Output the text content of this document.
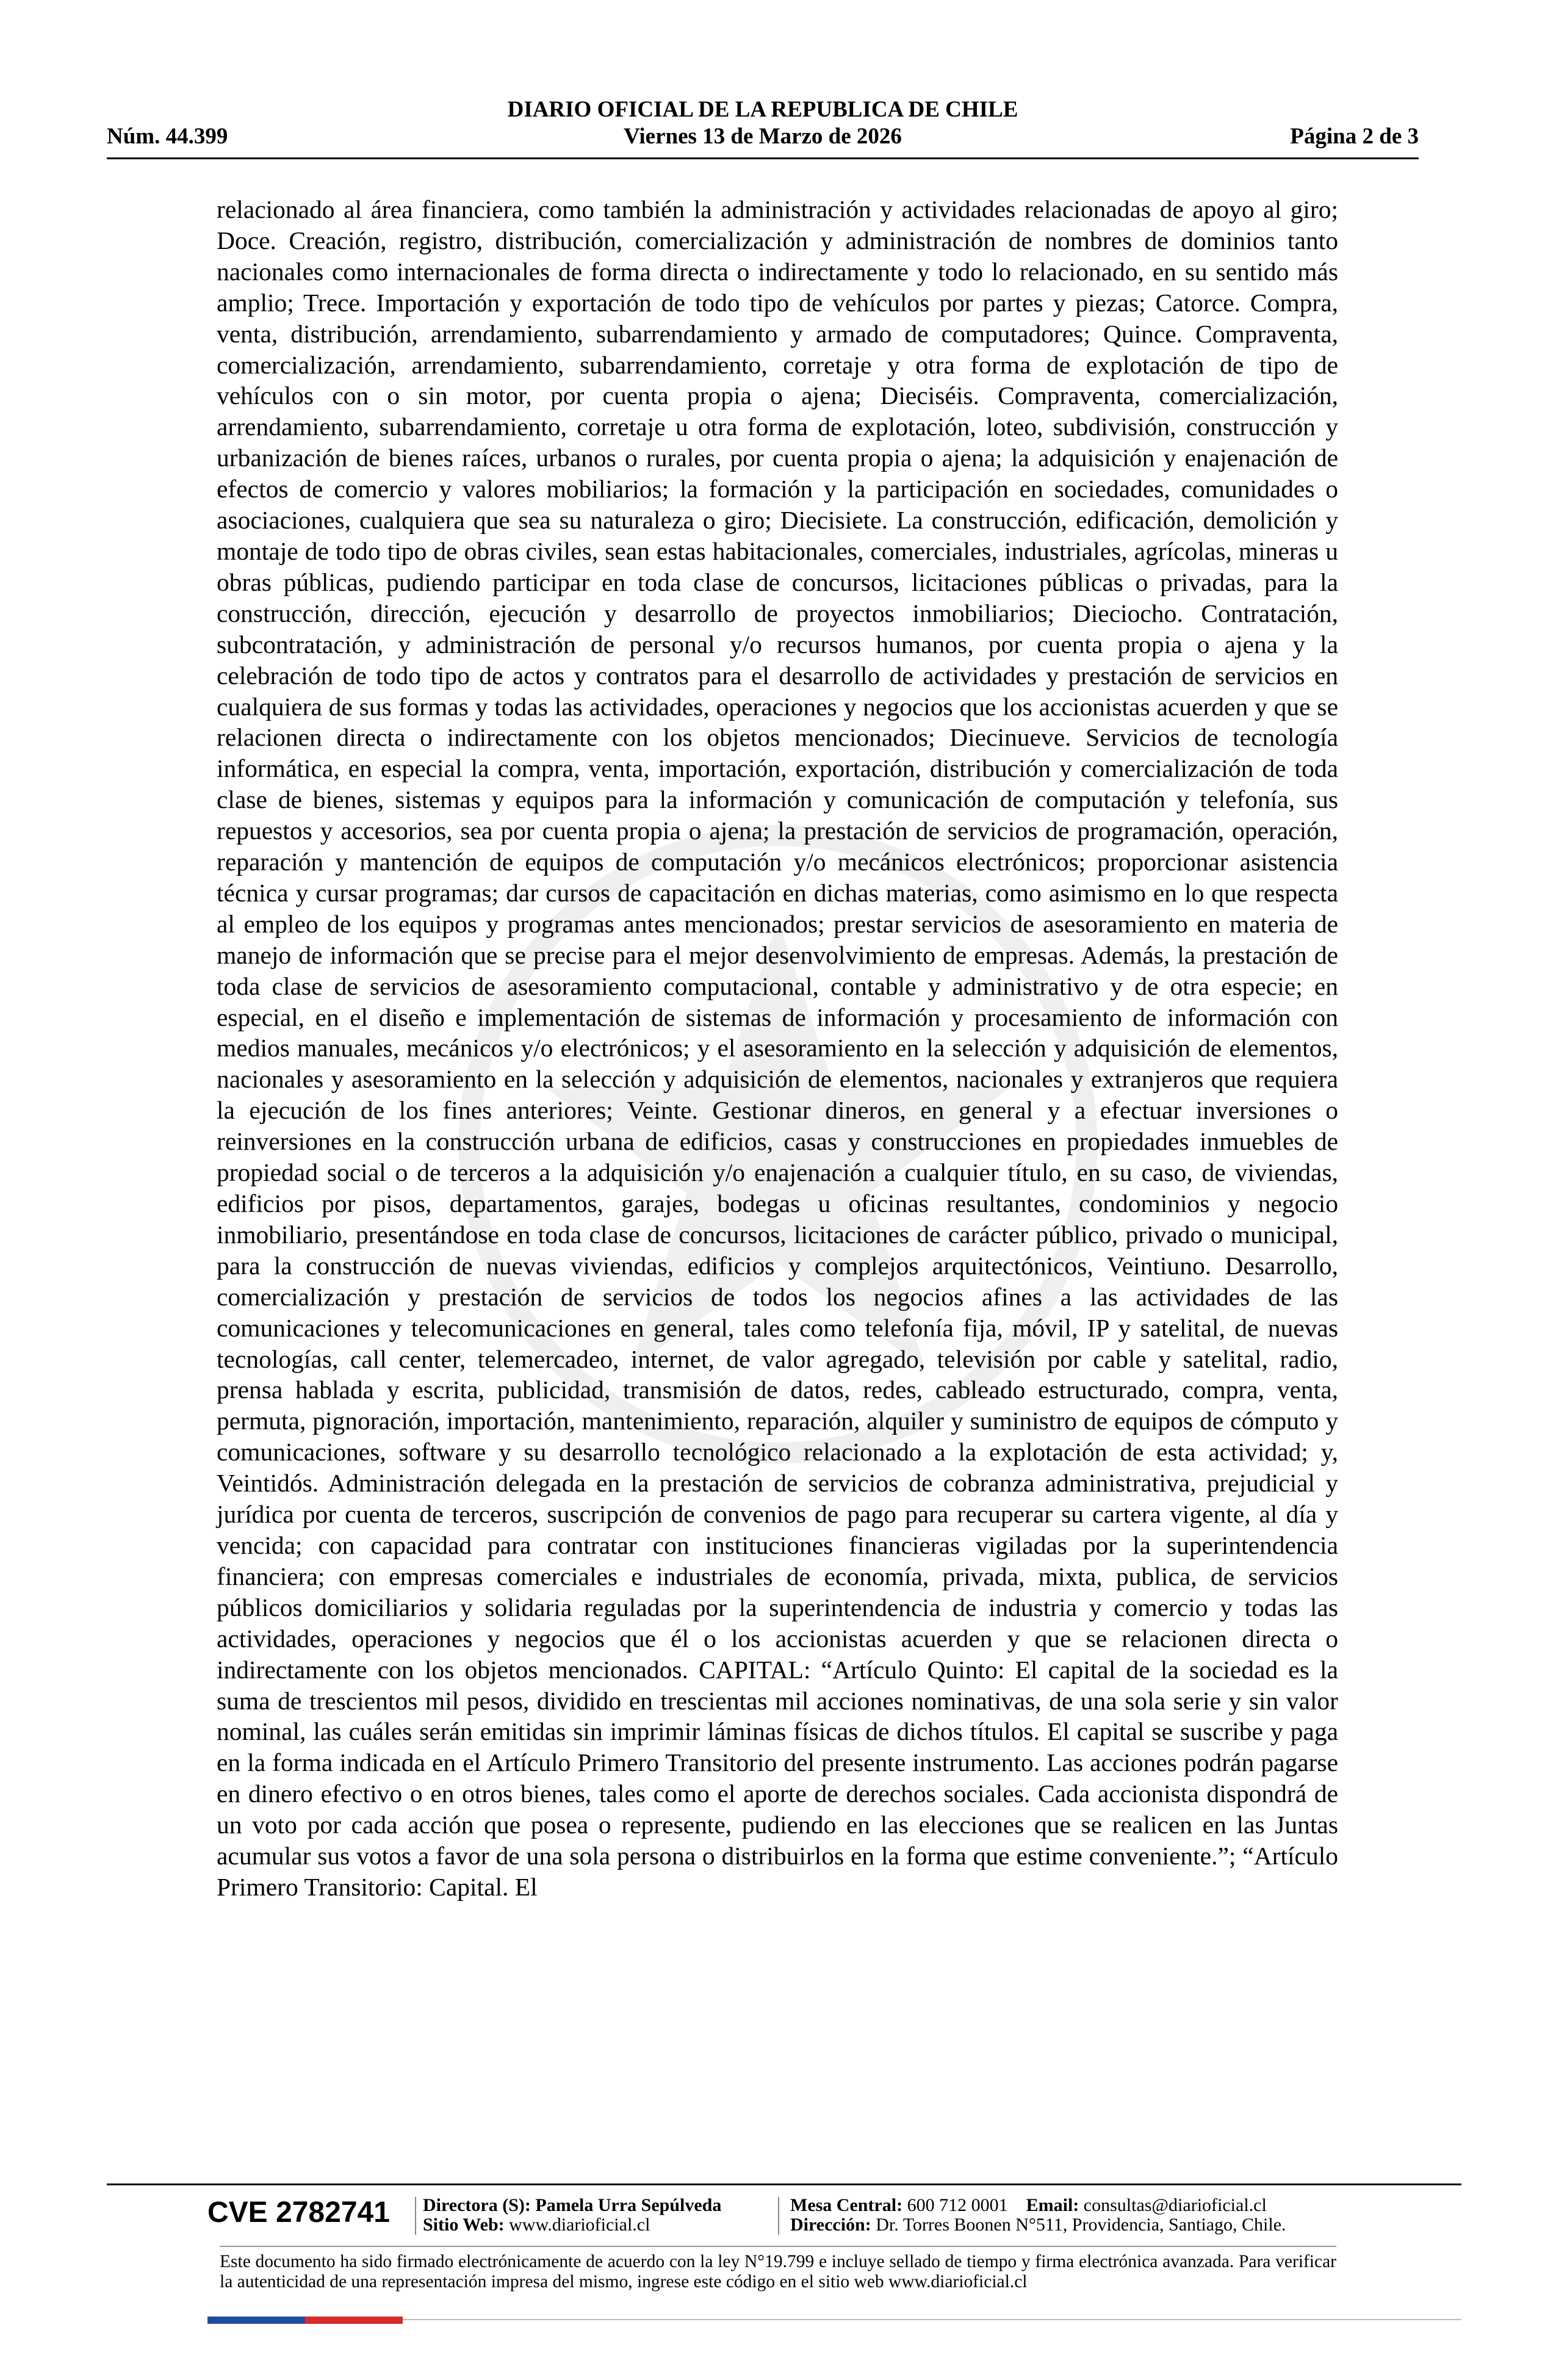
DIARIO OFICIAL DE LA REPUBLICA DE CHILE
Núm. 44.399	Viernes 13 de Marzo de 2026	Página 2 de 3
relacionado al área financiera, como también la administración y actividades relacionadas de apoyo al giro; Doce. Creación, registro, distribución, comercialización y administración de nombres de dominios tanto nacionales como internacionales de forma directa o indirectamente y todo lo relacionado, en su sentido más amplio; Trece. Importación y exportación de todo tipo de vehículos por partes y piezas; Catorce. Compra, venta, distribución, arrendamiento, subarrendamiento y armado de computadores; Quince. Compraventa, comercialización, arrendamiento, subarrendamiento, corretaje y otra forma de explotación de tipo de vehículos con o sin motor, por cuenta propia o ajena; Dieciséis. Compraventa, comercialización, arrendamiento, subarrendamiento, corretaje u otra forma de explotación, loteo, subdivisión, construcción y urbanización de bienes raíces, urbanos o rurales, por cuenta propia o ajena; la adquisición y enajenación de efectos de comercio y valores mobiliarios; la formación y la participación en sociedades, comunidades o asociaciones, cualquiera que sea su naturaleza o giro; Diecisiete. La construcción, edificación, demolición y montaje de todo tipo de obras civiles, sean estas habitacionales, comerciales, industriales, agrícolas, mineras u obras públicas, pudiendo participar en toda clase de concursos, licitaciones públicas o privadas, para la construcción, dirección, ejecución y desarrollo de proyectos inmobiliarios; Dieciocho. Contratación, subcontratación, y administración de personal y/o recursos humanos, por cuenta propia o ajena y la celebración de todo tipo de actos y contratos para el desarrollo de actividades y prestación de servicios en cualquiera de sus formas y todas las actividades, operaciones y negocios que los accionistas acuerden y que se relacionen directa o indirectamente con los objetos mencionados; Diecinueve. Servicios de tecnología informática, en especial la compra, venta, importación, exportación, distribución y comercialización de toda clase de bienes, sistemas y equipos para la información y comunicación de computación y telefonía, sus repuestos y accesorios, sea por cuenta propia o ajena; la prestación de servicios de programación, operación, reparación y mantención de equipos de computación y/o mecánicos electrónicos; proporcionar asistencia técnica y cursar programas; dar cursos de capacitación en dichas materias, como asimismo en lo que respecta al empleo de los equipos y programas antes mencionados; prestar servicios de asesoramiento en materia de manejo de información que se precise para el mejor desenvolvimiento de empresas. Además, la prestación de toda clase de servicios de asesoramiento computacional, contable y administrativo y de otra especie; en especial, en el diseño e implementación de sistemas de información y procesamiento de información con medios manuales, mecánicos y/o electrónicos; y el asesoramiento en la selección y adquisición de elementos, nacionales y asesoramiento en la selección y adquisición de elementos, nacionales y extranjeros que requiera la ejecución de los fines anteriores; Veinte. Gestionar dineros, en general y a efectuar inversiones o reinversiones en la construcción urbana de edificios, casas y construcciones en propiedades inmuebles de propiedad social o de terceros a la adquisición y/o enajenación a cualquier título, en su caso, de viviendas, edificios por pisos, departamentos, garajes, bodegas u oficinas resultantes, condominios y negocio inmobiliario, presentándose en toda clase de concursos, licitaciones de carácter público, privado o municipal, para la construcción de nuevas viviendas, edificios y complejos arquitectónicos, Veintiuno. Desarrollo, comercialización y prestación de servicios de todos los negocios afines a las actividades de las comunicaciones y telecomunicaciones en general, tales como telefonía fija, móvil, IP y satelital, de nuevas tecnologías, call center, telemercadeo, internet, de valor agregado, televisión por cable y satelital, radio, prensa hablada y escrita, publicidad, transmisión de datos, redes, cableado estructurado, compra, venta, permuta, pignoración, importación, mantenimiento, reparación, alquiler y suministro de equipos de cómputo y comunicaciones, software y su desarrollo tecnológico relacionado a la explotación de esta actividad; y, Veintidós. Administración delegada en la prestación de servicios de cobranza administrativa, prejudicial y jurídica por cuenta de terceros, suscripción de convenios de pago para recuperar su cartera vigente, al día y vencida; con capacidad para contratar con instituciones financieras vigiladas por la superintendencia financiera; con empresas comerciales e industriales de economía, privada, mixta, publica, de servicios públicos domiciliarios y solidaria reguladas por la superintendencia de industria y comercio y todas las actividades, operaciones y negocios que él o los accionistas acuerden y que se relacionen directa o indirectamente con los objetos mencionados. CAPITAL: “Artículo Quinto: El capital de la sociedad es la suma de trescientos mil pesos, dividido en trescientas mil acciones nominativas, de una sola serie y sin valor nominal, las cuáles serán emitidas sin imprimir láminas físicas de dichos títulos. El capital se suscribe y paga en la forma indicada en el Artículo Primero Transitorio del presente instrumento. Las acciones podrán pagarse en dinero efectivo o en otros bienes, tales como el aporte de derechos sociales. Cada accionista dispondrá de un voto por cada acción que posea o represente, pudiendo en las elecciones que se realicen en las Juntas acumular sus votos a favor de una sola persona o distribuirlos en la forma que estime conveniente.”; “Artículo Primero Transitorio: Capital. El
CVE 2782741 Directora (S): Pamela Urra Sepúlveda
Sitio Web: www.diarioficial.cl
Mesa Central: 600 712 0001 Email: consultas@diarioficial.cl
Dirección: Dr. Torres Boonen N°511, Providencia, Santiago, Chile.
Este documento ha sido firmado electrónicamente de acuerdo con la ley N°19.799 e incluye sellado de tiempo y firma electrónica avanzada. Para verificar la autenticidad de una representación impresa del mismo, ingrese este código en el sitio web www.diarioficial.cl
